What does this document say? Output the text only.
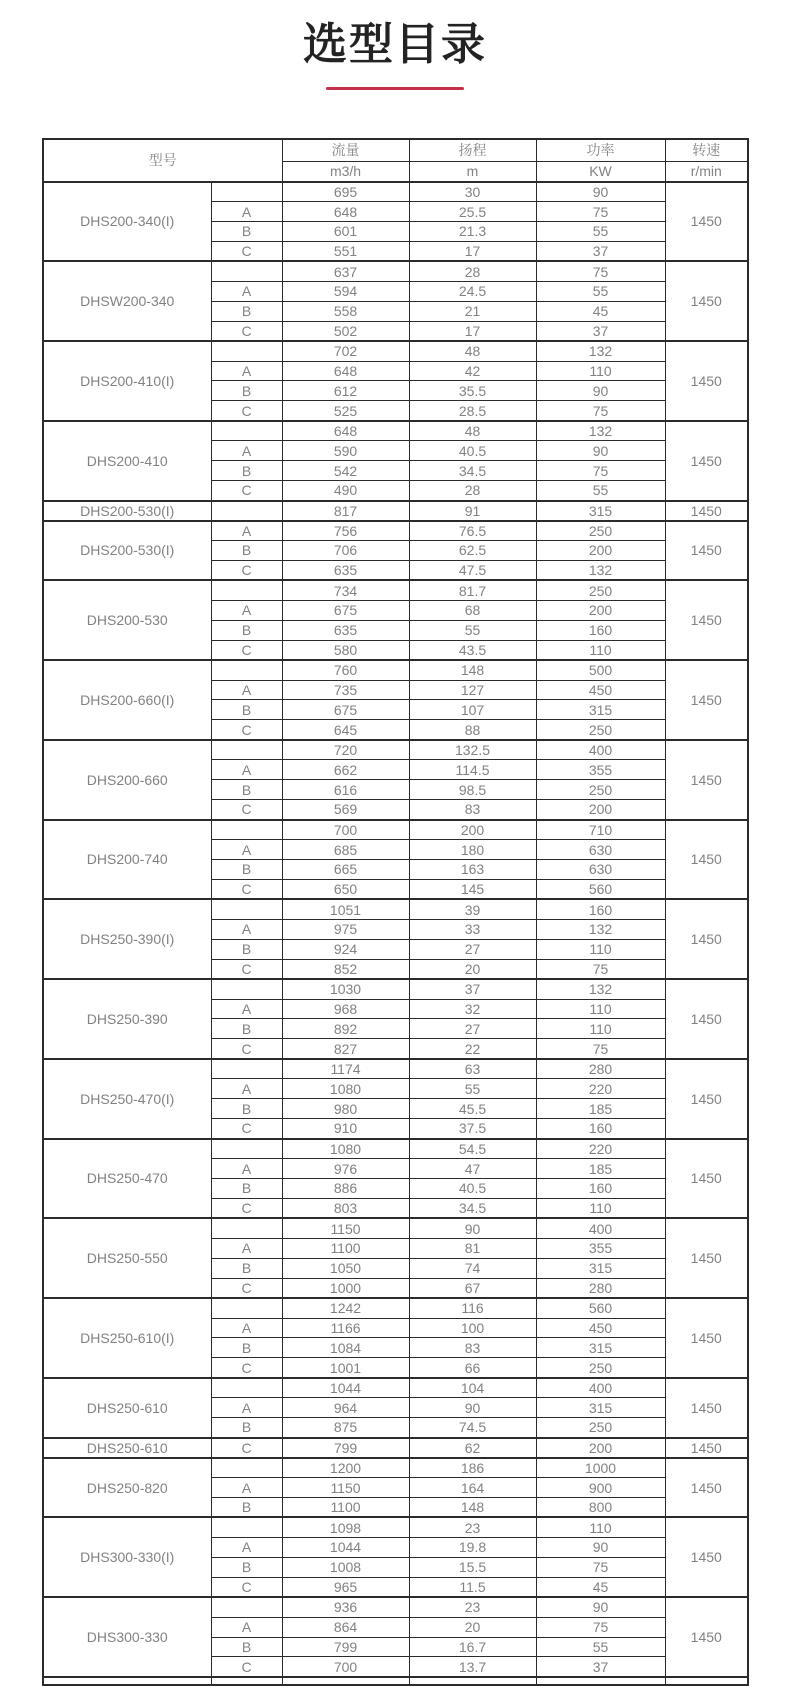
选型目录
型号		流量	扬程	功率	转速
		m3/h	m	KW	r/min
DHS200-340(I)		695	30	90	1450
	A	648	25.5	75	
	B	601	21.3	55	
	C	551	17	37	
DHSW200-340		637	28	75	1450
	A	594	24.5	55	
	B	558	21	45	
	C	502	17	37	
DHS200-410(I)		702	48	132	1450
	A	648	42	110	
	B	612	35.5	90	
	C	525	28.5	75	
DHS200-410		648	48	132	1450
	A	590	40.5	90	
	B	542	34.5	75	
	C	490	28	55	
DHS200-530(I)		817	91	315	1450
DHS200-530(I)	A	756	76.5	250	1450
	B	706	62.5	200	
	C	635	47.5	132	
DHS200-530		734	81.7	250	1450
	A	675	68	200	
	B	635	55	160	
	C	580	43.5	110	
DHS200-660(I)		760	148	500	1450
	A	735	127	450	
	B	675	107	315	
	C	645	88	250	
DHS200-660		720	132.5	400	1450
	A	662	114.5	355	
	B	616	98.5	250	
	C	569	83	200	
DHS200-740		700	200	710	1450
	A	685	180	630	
	B	665	163	630	
	C	650	145	560	
DHS250-390(I)		1051	39	160	1450
	A	975	33	132	
	B	924	27	110	
	C	852	20	75	
DHS250-390		1030	37	132	1450
	A	968	32	110	
	B	892	27	110	
	C	827	22	75	
DHS250-470(I)		1174	63	280	1450
	A	1080	55	220	
	B	980	45.5	185	
	C	910	37.5	160	
DHS250-470		1080	54.5	220	1450
	A	976	47	185	
	B	886	40.5	160	
	C	803	34.5	110	
DHS250-550		1150	90	400	1450
	A	1100	81	355	
	B	1050	74	315	
	C	1000	67	280	
DHS250-610(I)		1242	116	560	1450
	A	1166	100	450	
	B	1084	83	315	
	C	1001	66	250	
DHS250-610		1044	104	400	1450
	A	964	90	315	
	B	875	74.5	250	
DHS250-610	C	799	62	200	1450
DHS250-820		1200	186	1000	1450
	A	1150	164	900	
	B	1100	148	800	
DHS300-330(I)		1098	23	110	1450
	A	1044	19.8	90	
	B	1008	15.5	75	
	C	965	11.5	45	
DHS300-330		936	23	90	1450
	A	864	20	75	
	B	799	16.7	55	
	C	700	13.7	37	
